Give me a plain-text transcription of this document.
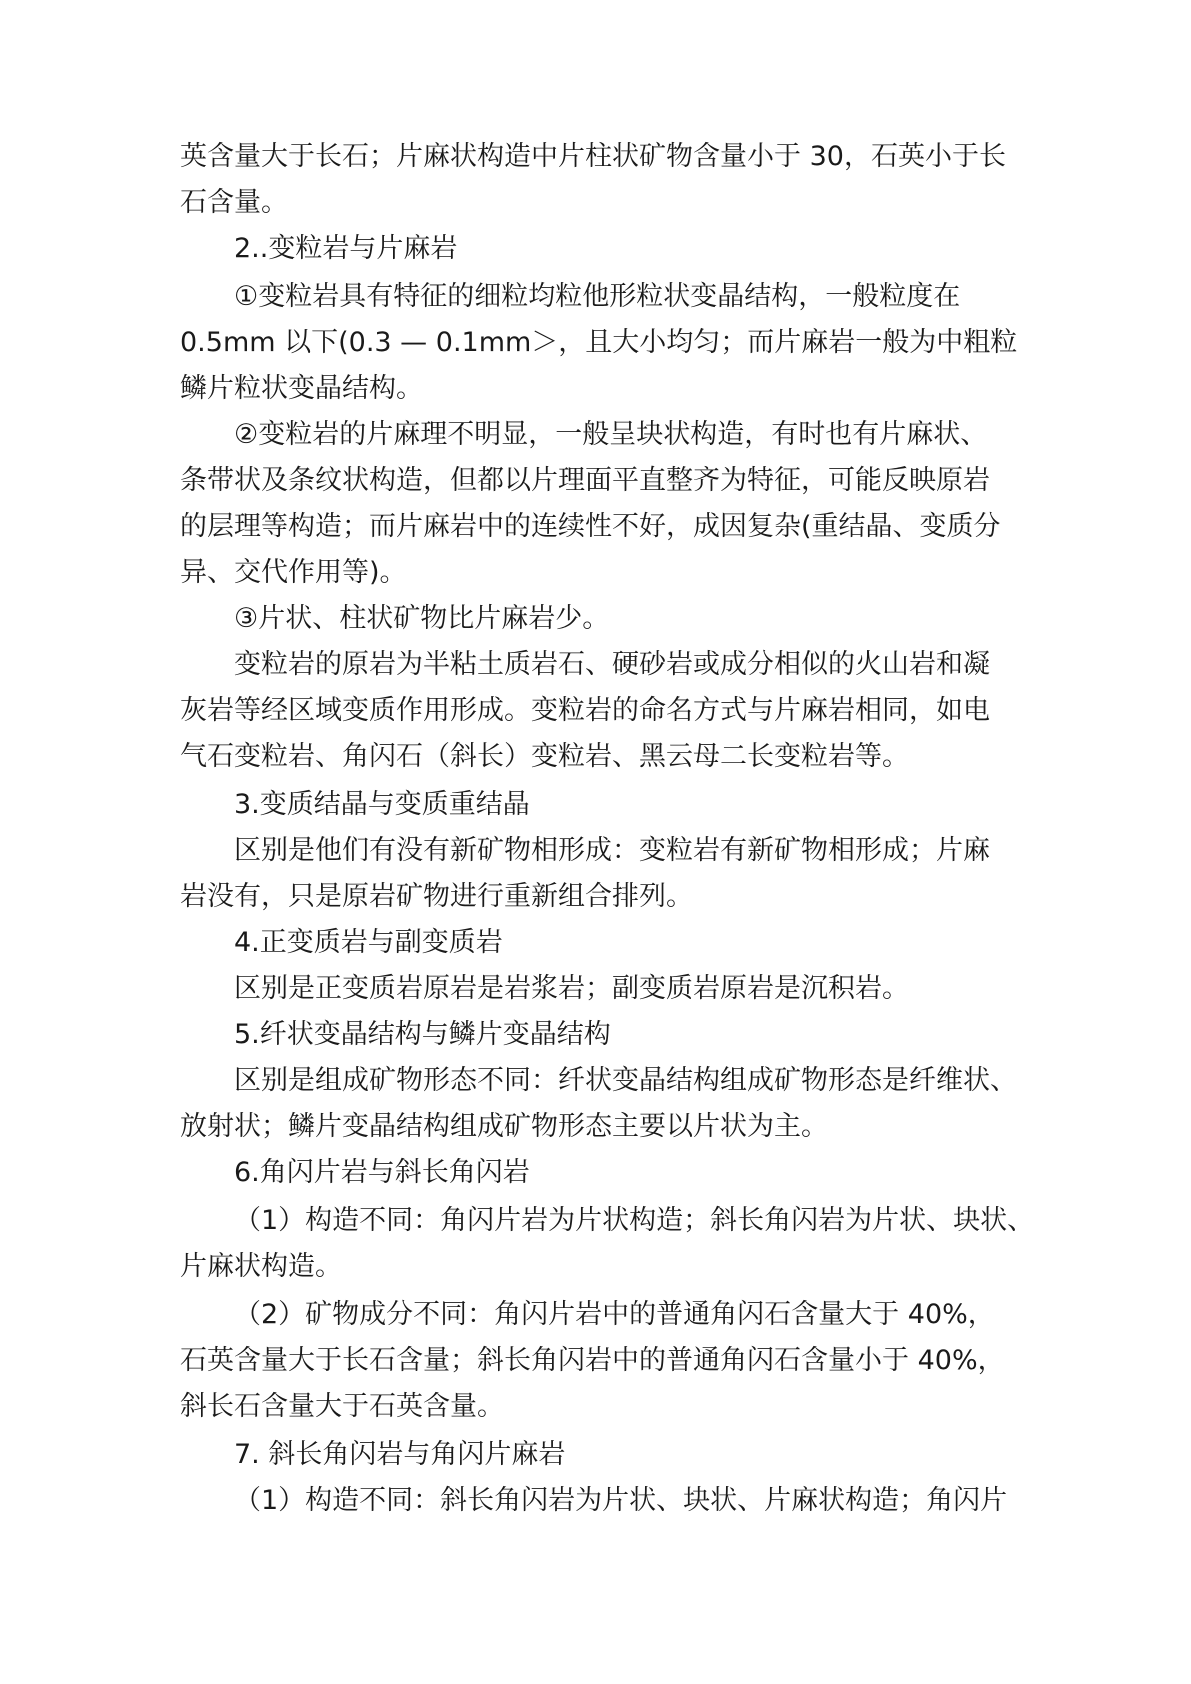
英含量大于长石；片麻状构造中片柱状矿物含量小于 30，石英小于长

石含量。

2..变粒岩与片麻岩

①变粒岩具有特征的细粒均粒他形粒状变晶结构，一般粒度在

0.5mm 以下(0.3 — 0.1mm＞，且大小均匀；而片麻岩一般为中粗粒

鳞片粒状变晶结构。

②变粒岩的片麻理不明显，一般呈块状构造，有时也有片麻状、

条带状及条纹状构造，但都以片理面平直整齐为特征，可能反映原岩

的层理等构造；而片麻岩中的连续性不好，成因复杂(重结晶、变质分

异、交代作用等)。

③片状、柱状矿物比片麻岩少。

变粒岩的原岩为半粘土质岩石、硬砂岩或成分相似的火山岩和凝

灰岩等经区域变质作用形成。变粒岩的命名方式与片麻岩相同，如电

气石变粒岩、角闪石（斜长）变粒岩、黑云母二长变粒岩等。

3.变质结晶与变质重结晶

区别是他们有没有新矿物相形成：变粒岩有新矿物相形成；片麻

岩没有，只是原岩矿物进行重新组合排列。

4.正变质岩与副变质岩

区别是正变质岩原岩是岩浆岩；副变质岩原岩是沉积岩。

5.纤状变晶结构与鳞片变晶结构

区别是组成矿物形态不同：纤状变晶结构组成矿物形态是纤维状、

放射状；鳞片变晶结构组成矿物形态主要以片状为主。

6.角闪片岩与斜长角闪岩

（1）构造不同：角闪片岩为片状构造；斜长角闪岩为片状、块状、

片麻状构造。

（2）矿物成分不同：角闪片岩中的普通角闪石含量大于 40%，

石英含量大于长石含量；斜长角闪岩中的普通角闪石含量小于 40%，

斜长石含量大于石英含量。

7. 斜长角闪岩与角闪片麻岩

（1）构造不同：斜长角闪岩为片状、块状、片麻状构造；角闪片
